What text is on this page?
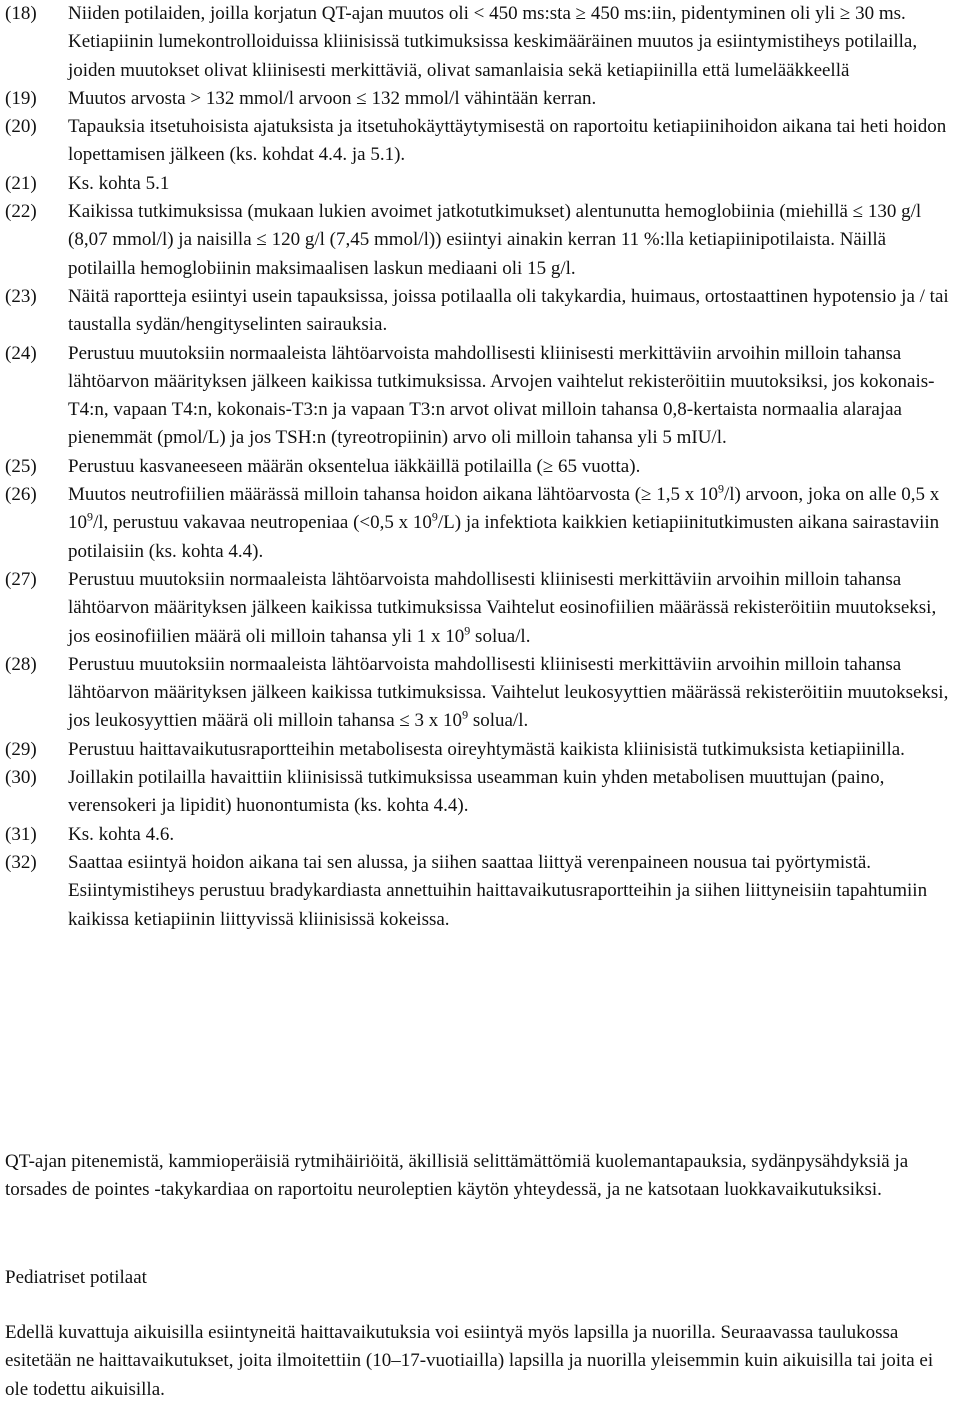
(18) Niiden potilaiden, joilla korjatun QT-ajan muutos oli < 450 ms:sta ≥ 450 ms:iin, pidentyminen oli yli ≥ 30 ms. Ketiapiinin lumekontrolloiduissa kliinisissä tutkimuksissa keskimääräinen muutos ja esiintymistiheys potilailla, joiden muutokset olivat kliinisesti merkittäviä, olivat samanlaisia sekä ketiapiinilla että lumelääkkeellä
(19) Muutos arvosta > 132 mmol/l arvoon ≤ 132 mmol/l vähintään kerran.
(20) Tapauksia itsetuhoisista ajatuksista ja itsetuhokäyttäytymisestä on raportoitu ketiapiinihoidon aikana tai heti hoidon lopettamisen jälkeen (ks. kohdat 4.4. ja 5.1).
(21) Ks. kohta 5.1
(22) Kaikissa tutkimuksissa (mukaan lukien avoimet jatkotutkimukset) alentunutta hemoglobiinia (miehillä ≤ 130 g/l (8,07 mmol/l) ja naisilla ≤ 120 g/l (7,45 mmol/l)) esiintyi ainakin kerran 11 %:lla ketiapiinipotilaista. Näillä potilailla hemoglobiinin maksimaalisen laskun mediaani oli 15 g/l.
(23) Näitä raportteja esiintyi usein tapauksissa, joissa potilaalla oli takykardia, huimaus, ortostaattinen hypotensio ja / tai taustalla sydän/hengityselinten sairauksia.
(24) Perustuu muutoksiin normaaleista lähtöarvoista mahdollisesti kliinisesti merkittäviin arvoihin milloin tahansa lähtöarvon määrityksen jälkeen kaikissa tutkimuksissa. Arvojen vaihtelut rekisteröitiin muutoksiksi, jos kokonais-T4:n, vapaan T4:n, kokonais-T3:n ja vapaan T3:n arvot olivat milloin tahansa 0,8-kertaista normaalia alarajaa pienemmät (pmol/L) ja jos TSH:n (tyreotropiinin) arvo oli milloin tahansa yli 5 mIU/l.
(25) Perustuu kasvaneeseen määrän oksentelua iäkkäillä potilailla (≥ 65 vuotta).
(26) Muutos neutrofiilien määrässä milloin tahansa hoidon aikana lähtöarvosta (≥ 1,5 x $10^9/l$) arvoon, joka on alle 0,5 x $10^9/l$, perustuu vakavaa neutropeniaa (<0,5 x $10^9/L$) ja infektiota kaikkien ketiapiinitutkimusten aikana sairastaviin potilaisiin (ks. kohta 4.4).
(27) Perustuu muutoksiin normaaleista lähtöarvoista mahdollisesti kliinisesti merkittäviin arvoihin milloin tahansa lähtöarvon määrityksen jälkeen kaikissa tutkimuksissa Vaihtelut eosinofiilien määrässä rekisteröitiin muutokseksi, jos eosinofiilien määrä oli milloin tahansa yli 1 x $10^9$ solua/l.
(28) Perustuu muutoksiin normaaleista lähtöarvoista mahdollisesti kliinisesti merkittäviin arvoihin milloin tahansa lähtöarvon määrityksen jälkeen kaikissa tutkimuksissa. Vaihtelut leukosyyttien määrässä rekisteröitiin muutokseksi, jos leukosyyttien määrä oli milloin tahansa ≤ 3 x $10^9$ solua/l.
(29) Perustuu haittavaikutusraportteihin metabolisesta oireyhtymästä kaikista kliinisistä tutkimuksista ketiapiinilla.
(30) Joillakin potilailla havaittiin kliinisissä tutkimuksissa useamman kuin yhden metabolisen muuttujan (paino, verensokeri ja lipidit) huonontumista (ks. kohta 4.4).
(31) Ks. kohta 4.6.
(32) Saattaa esiintyä hoidon aikana tai sen alussa, ja siihen saattaa liittyä verenpaineen nousua tai pyörtymistä. Esiintymistiheys perustuu bradykardiasta annettuihin haittavaikutusraportteihin ja siihen liittyneisiin tapahtumiin kaikissa ketiapiinin liittyvissä kliinisissä kokeissa.

QT-ajan pitenemistä, kammioperäisiä rytmihäiriöitä, äkillisiä selittämättömiä kuolemantapauksia, sydänpysähdyksiä ja torsades de pointes -takykardiaa on raportoitu neuroleptien käytön yhteydessä, ja ne katsotaan luokkavaikutuksiksi.

Pediatriset potilaat

Edellä kuvattuja aikuisilla esiintyneitä haittavaikutuksia voi esiintyä myös lapsilla ja nuorilla. Seuraavassa taulukossa esitetään ne haittavaikutukset, joita ilmoitettiin (10–17-vuotiailla) lapsilla ja nuorilla yleisemmin kuin aikuisilla tai joita ei ole todettu aikuisilla.
